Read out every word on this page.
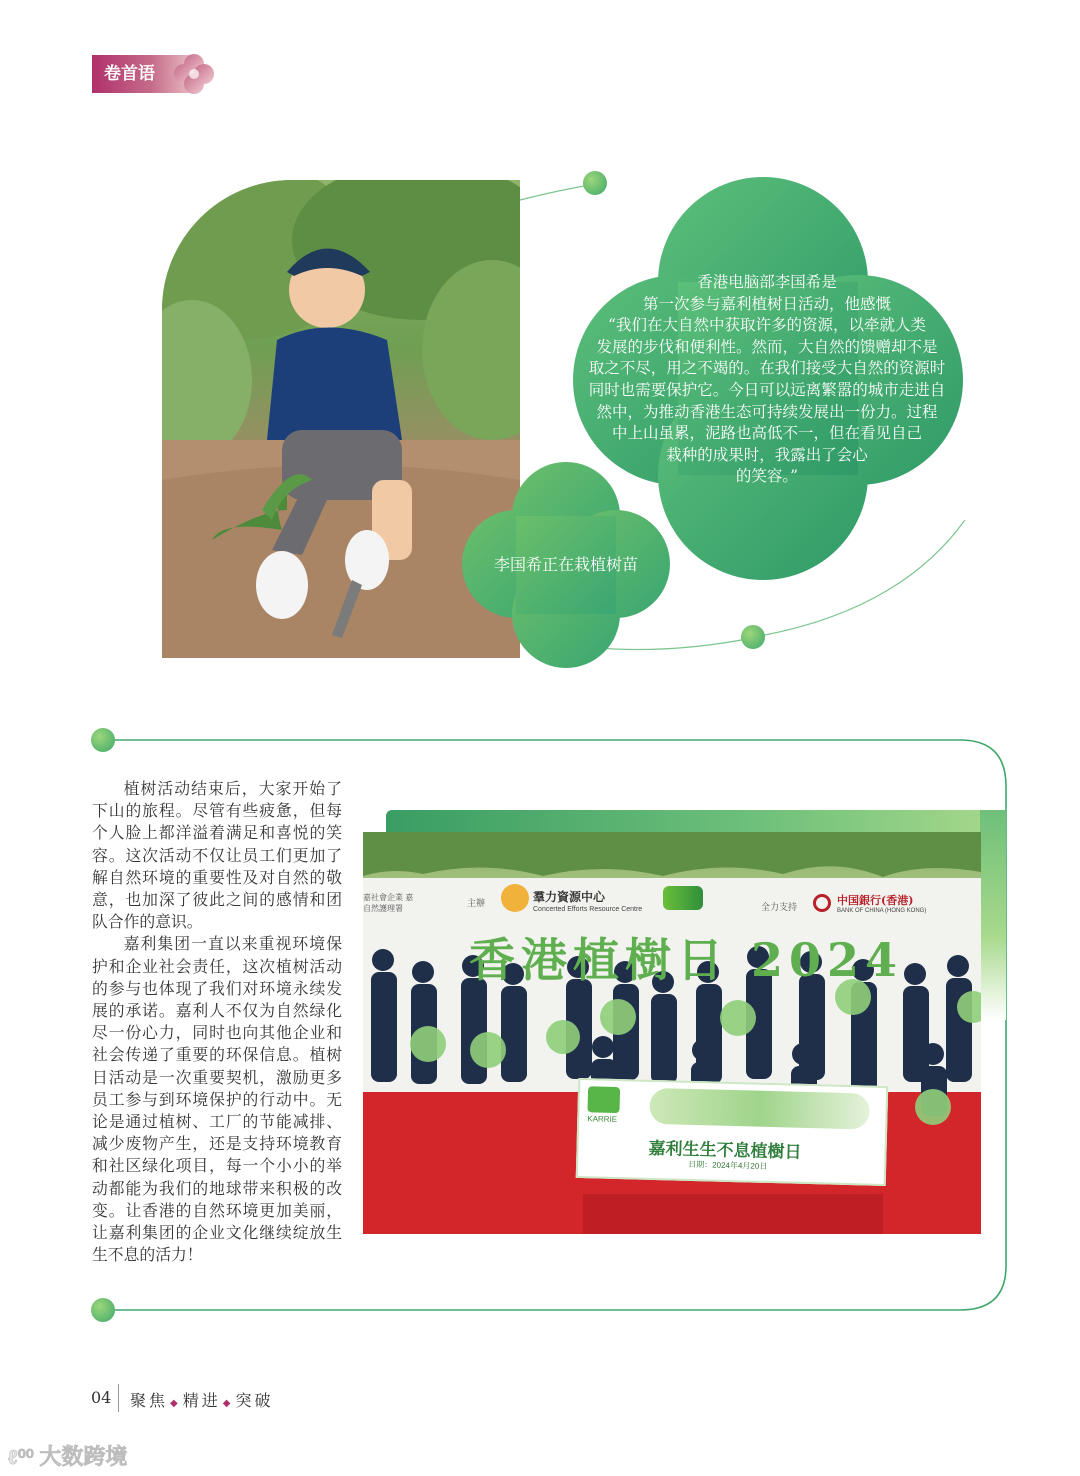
卷首语
香港电脑部李国希是
第一次参与嘉利植树日活动，他感慨
“我们在大自然中获取许多的资源，以牵就人类
发展的步伐和便利性。然而，大自然的馈赠却不是
取之不尽，用之不竭的。在我们接受大自然的资源时
同时也需要保护它。今日可以远离繁嚣的城市走进自
然中，为推动香港生态可持续发展出一份力。过程
中上山虽累，泥路也高低不一，但在看见自己
栽种的成果时，我露出了会心
的笑容。”
李国希正在栽植树苗

植树活动结束后，大家开始了下山的旅程。尽管有些疲惫，但每个人脸上都洋溢着满足和喜悦的笑容。这次活动不仅让员工们更加了解自然环境的重要性及对自然的敬意，也加深了彼此之间的感情和团队合作的意识。

嘉利集团一直以来重视环境保护和企业社会责任，这次植树活动的参与也体现了我们对环境永续发展的承诺。嘉利人不仅为自然绿化尽一份心力，同时也向其他企业和社会传递了重要的环保信息。植树日活动是一次重要契机，激励更多员工参与到环境保护的行动中。无论是通过植树、工厂的节能减排、减少废物产生，还是支持环境教育和社区绿化项目，每一个小小的举动都能为我们的地球带来积极的改变。让香港的自然环境更加美丽，让嘉利集团的企业文化继续绽放生生不息的活力！

嘉社會企業 嘉自然護理署
主辦	羣力資源中心
Concerted Efforts Resource Centre	全力支持	中国銀行(香港)
BANK OF CHINA (HONG KONG)
香港植樹日 2024
KARRIE
嘉利生生不息植樹日
日期：2024年4月20日
04 聚焦 ◆ 精进 ◆ 突破
ℓ⁰⁰ 大数跨境
